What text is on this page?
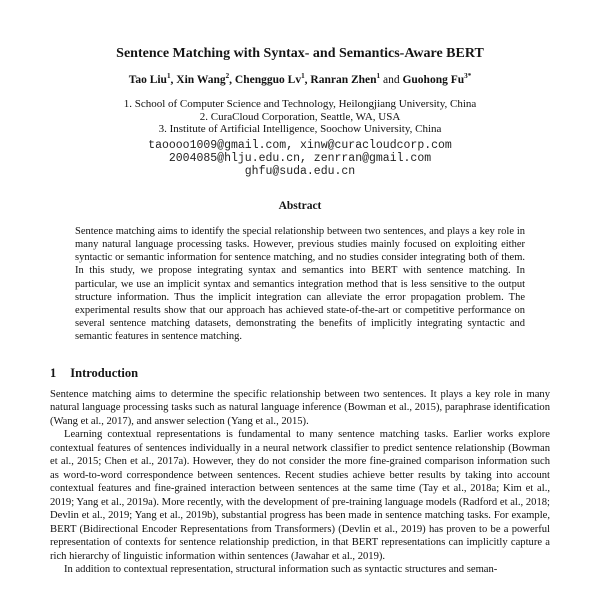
Sentence Matching with Syntax- and Semantics-Aware BERT
Tao Liu$^1$, Xin Wang$^2$, Chengguo Lv$^1$, Ranran Zhen$^1$ and Guohong $Fu^{3*}$
1. School of Computer Science and Technology, Heilongjiang University, China
2. CuraCloud Corporation, Seattle, WA, USA
3. Institute of Artificial Intelligence, Soochow University, China
taoooo1009@gmail.com, xinw@curacloudcorp.com
2004085@hlju.edu.cn, zenrran@gmail.com
ghfu@suda.edu.cn
Abstract
Sentence matching aims to identify the special relationship between two sentences, and plays a key role in many natural language processing tasks. However, previous studies mainly focused on exploiting either syntactic or semantic information for sentence matching, and no studies consider integrating both of them. In this study, we propose integrating syntax and semantics into BERT with sentence matching. In particular, we use an implicit syntax and semantics integration method that is less sensitive to the output structure information. Thus the implicit integration can alleviate the error propagation problem. The experimental results show that our approach has achieved state-of-the-art or competitive performance on several sentence matching datasets, demonstrating the benefits of implicitly integrating syntactic and semantic features in sentence matching.
1 Introduction

Sentence matching aims to determine the specific relationship between two sentences. It plays a key role in many natural language processing tasks such as natural language inference (Bowman et al., 2015), paraphrase identification (Wang et al., 2017), and answer selection (Yang et al., 2015).

Learning contextual representations is fundamental to many sentence matching tasks. Earlier works explore contextual features of sentences individually in a neural network classifier to predict sentence relationship (Bowman et al., 2015; Chen et al., 2017a). However, they do not consider the more fine-grained comparison information such as word-to-word correspondence between sentences. Recent studies achieve better results by taking into account contextual features and fine-grained interaction between sentences at the same time (Tay et al., 2018a; Kim et al., 2019; Yang et al., 2019a). More recently, with the development of pre-training language models (Radford et al., 2018; Devlin et al., 2019; Yang et al., 2019b), substantial progress has been made in sentence matching tasks. For example, BERT (Bidirectional Encoder Representations from Transformers) (Devlin et al., 2019) has proven to be a powerful representation of contexts for sentence relationship prediction, in that BERT representations can implicitly capture a rich hierarchy of linguistic information within sentences (Jawahar et al., 2019).

In addition to contextual representation, structural information such as syntactic structures and seman-
